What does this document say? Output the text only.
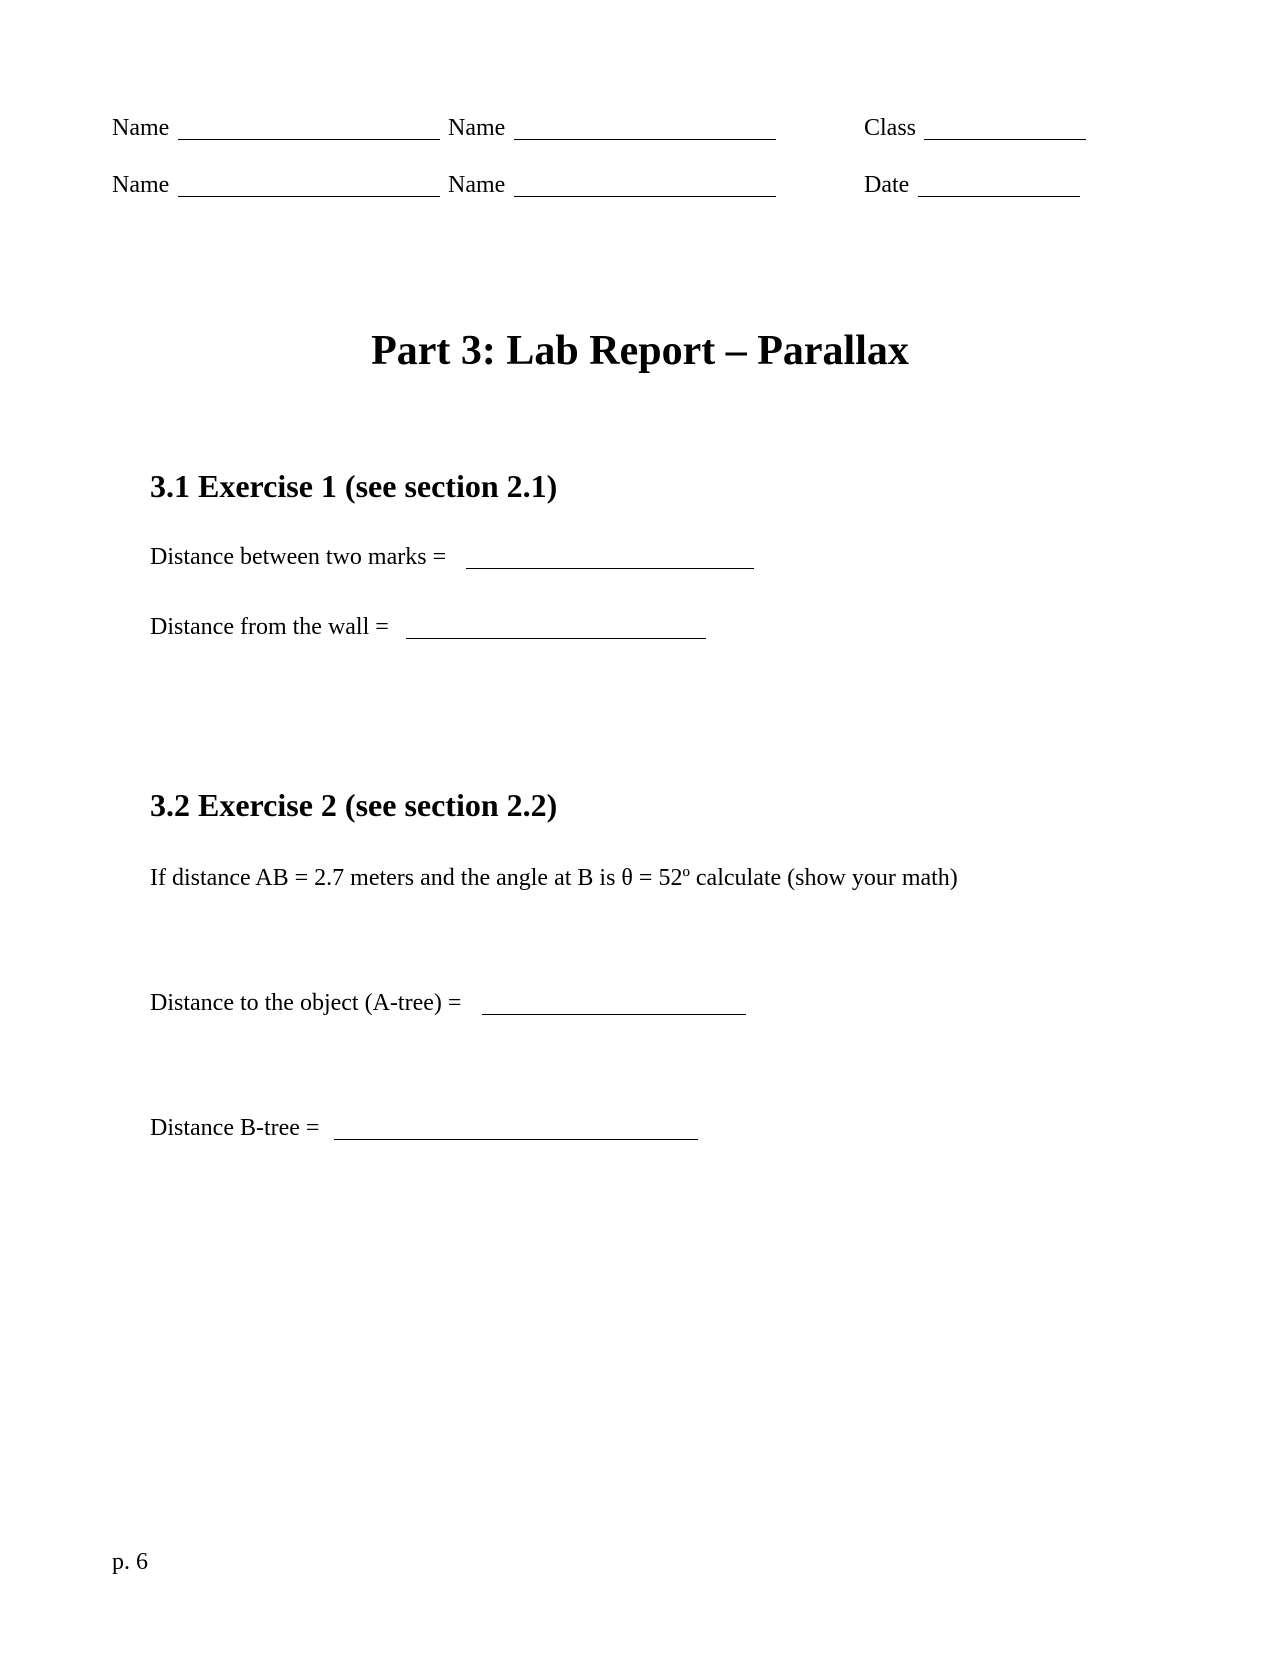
Name	Name	Class
Name	Name	Date
Part 3: Lab Report – Parallax
3.1 Exercise 1 (see section 2.1)
Distance between two marks =
Distance from the wall =
3.2 Exercise 2 (see section 2.2)
If distance AB = 2.7 meters and the angle at B is θ = 52º calculate (show your math)
Distance to the object (A-tree) =
Distance B-tree =
p. 6
